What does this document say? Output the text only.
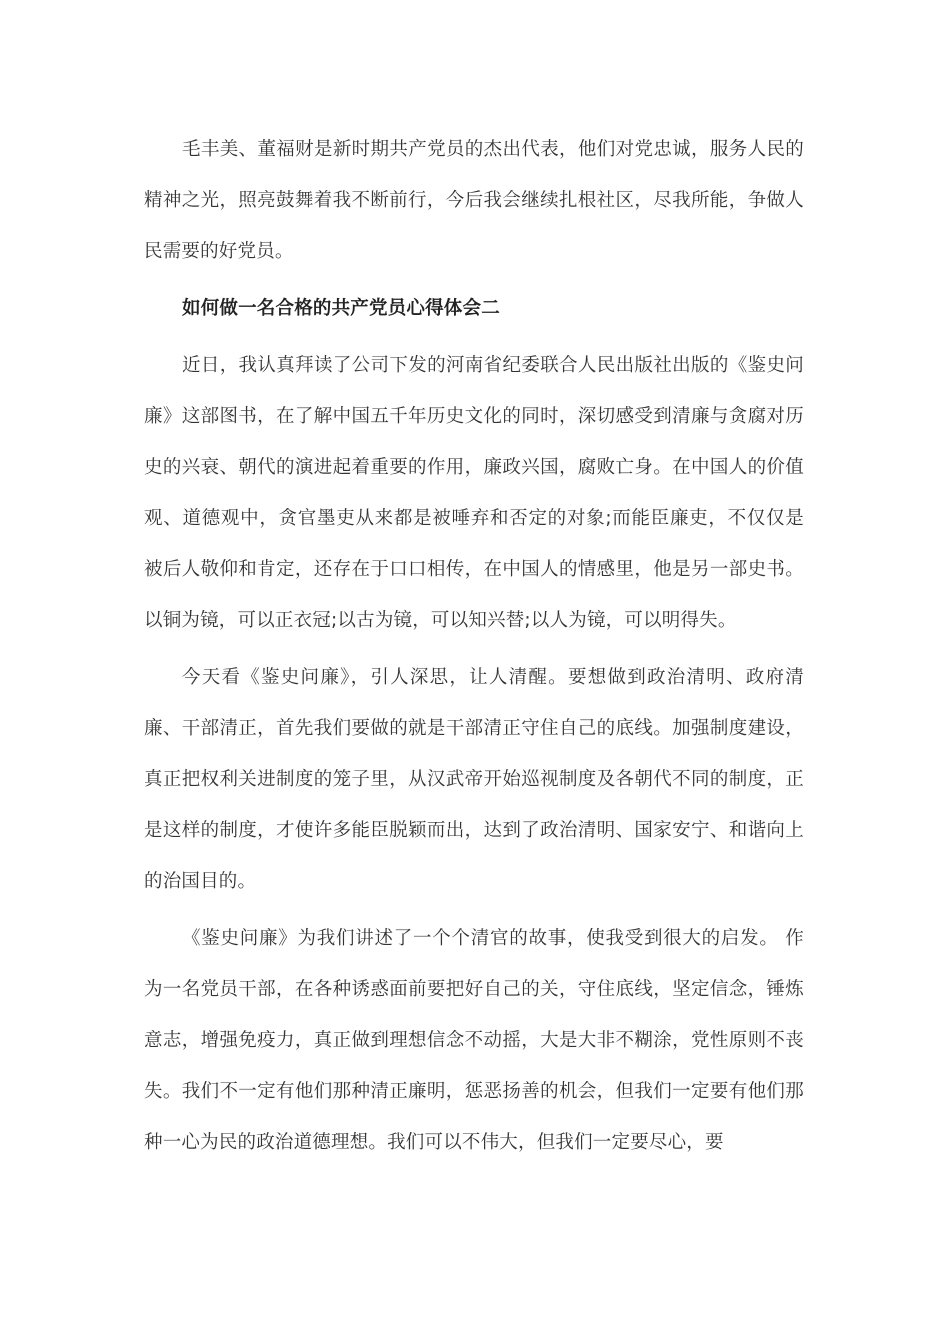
毛丰美、董福财是新时期共产党员的杰出代表，他们对党忠诚，服务人民的精神之光，照亮鼓舞着我不断前行，今后我会继续扎根社区，尽我所能，争做人民需要的好党员。

如何做一名合格的共产党员心得体会二

近日，我认真拜读了公司下发的河南省纪委联合人民出版社出版的《鉴史问廉》这部图书，在了解中国五千年历史文化的同时，深切感受到清廉与贪腐对历史的兴衰、朝代的演进起着重要的作用，廉政兴国，腐败亡身。在中国人的价值观、道德观中，贪官墨吏从来都是被唾弃和否定的对象;而能臣廉吏，不仅仅是被后人敬仰和肯定，还存在于口口相传，在中国人的情感里，他是另一部史书。以铜为镜，可以正衣冠;以古为镜，可以知兴替;以人为镜，可以明得失。

今天看《鉴史问廉》，引人深思，让人清醒。要想做到政治清明、政府清廉、干部清正，首先我们要做的就是干部清正守住自己的底线。加强制度建设，真正把权利关进制度的笼子里，从汉武帝开始巡视制度及各朝代不同的制度，正是这样的制度，才使许多能臣脱颖而出，达到了政治清明、国家安宁、和谐向上的治国目的。

《鉴史问廉》为我们讲述了一个个清官的故事，使我受到很大的启发。 作为一名党员干部，在各种诱惑面前要把好自己的关，守住底线，坚定信念，锤炼意志，增强免疫力，真正做到理想信念不动摇，大是大非不糊涂，党性原则不丧失。我们不一定有他们那种清正廉明，惩恶扬善的机会，但我们一定要有他们那种一心为民的政治道德理想。我们可以不伟大，但我们一定要尽心，要
